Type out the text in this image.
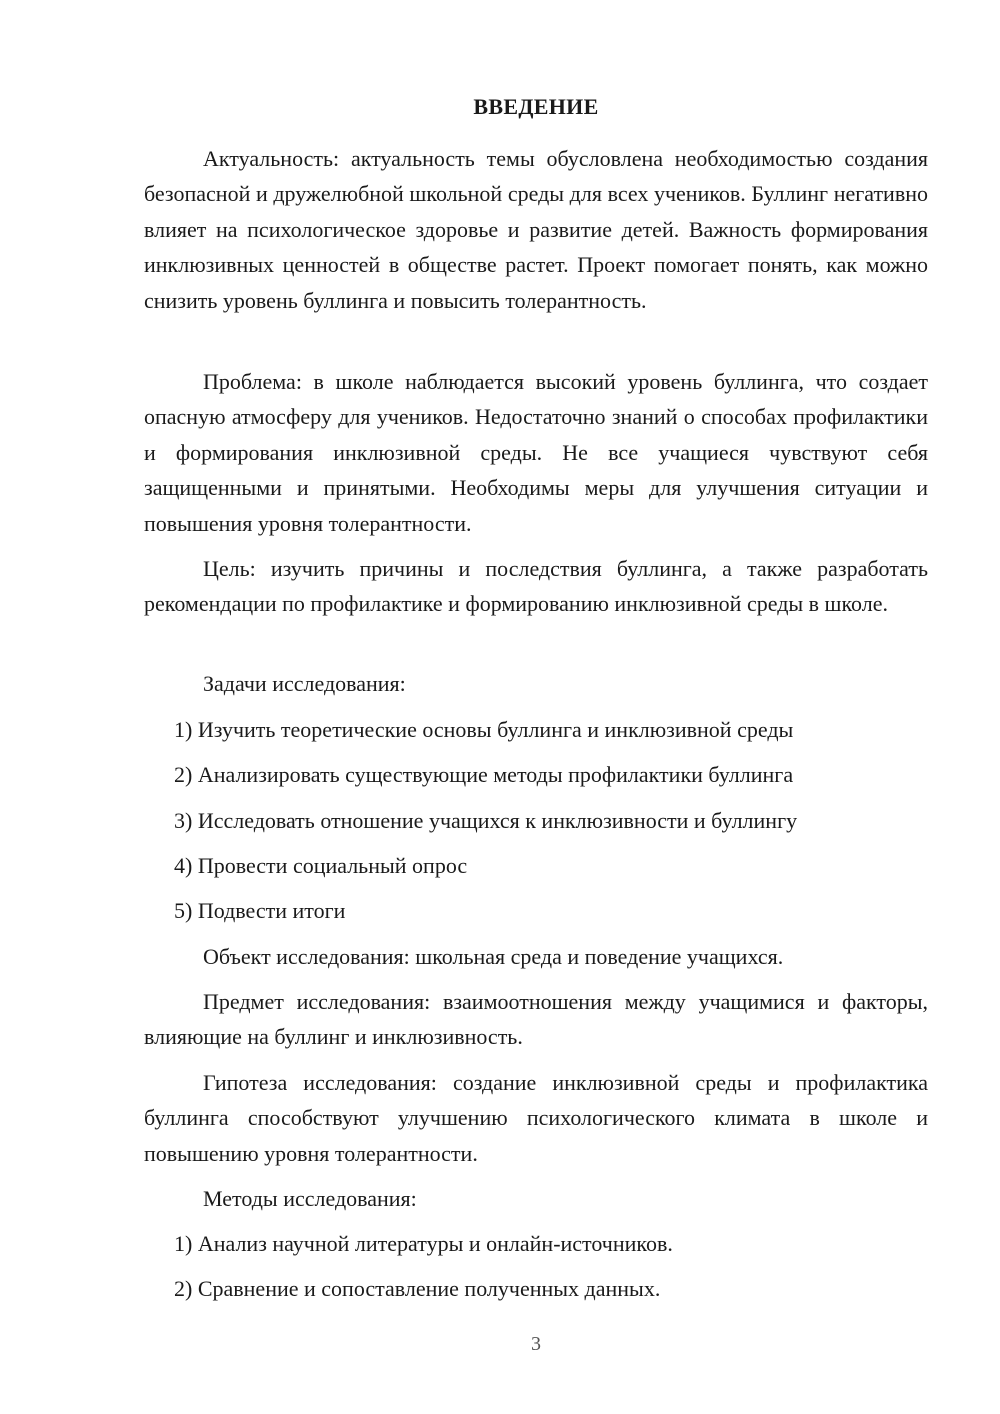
ВВЕДЕНИЕ

Актуальность: актуальность темы обусловлена необходимостью создания безопасной и дружелюбной школьной среды для всех учеников. Буллинг негативно влияет на психологическое здоровье и развитие детей. Важность формирования инклюзивных ценностей в обществе растет. Проект помогает понять, как можно снизить уровень буллинга и повысить толерантность.

Проблема: в школе наблюдается высокий уровень буллинга, что создает опасную атмосферу для учеников. Недостаточно знаний о способах профилактики и формирования инклюзивной среды. Не все учащиеся чувствуют себя защищенными и принятыми. Необходимы меры для улучшения ситуации и повышения уровня толерантности.

Цель: изучить причины и последствия буллинга, а также разработать рекомендации по профилактике и формированию инклюзивной среды в школе.

Задачи исследования:

1) Изучить теоретические основы буллинга и инклюзивной среды
2) Анализировать существующие методы профилактики буллинга
3) Исследовать отношение учащихся к инклюзивности и буллингу
4) Провести социальный опрос
5) Подвести итоги

Объект исследования: школьная среда и поведение учащихся.

Предмет исследования: взаимоотношения между учащимися и факторы, влияющие на буллинг и инклюзивность.

Гипотеза исследования: создание инклюзивной среды и профилактика буллинга способствуют улучшению психологического климата в школе и повышению уровня толерантности.

Методы исследования:

1) Анализ научной литературы и онлайн-источников.
2) Сравнение и сопоставление полученных данных.
3
